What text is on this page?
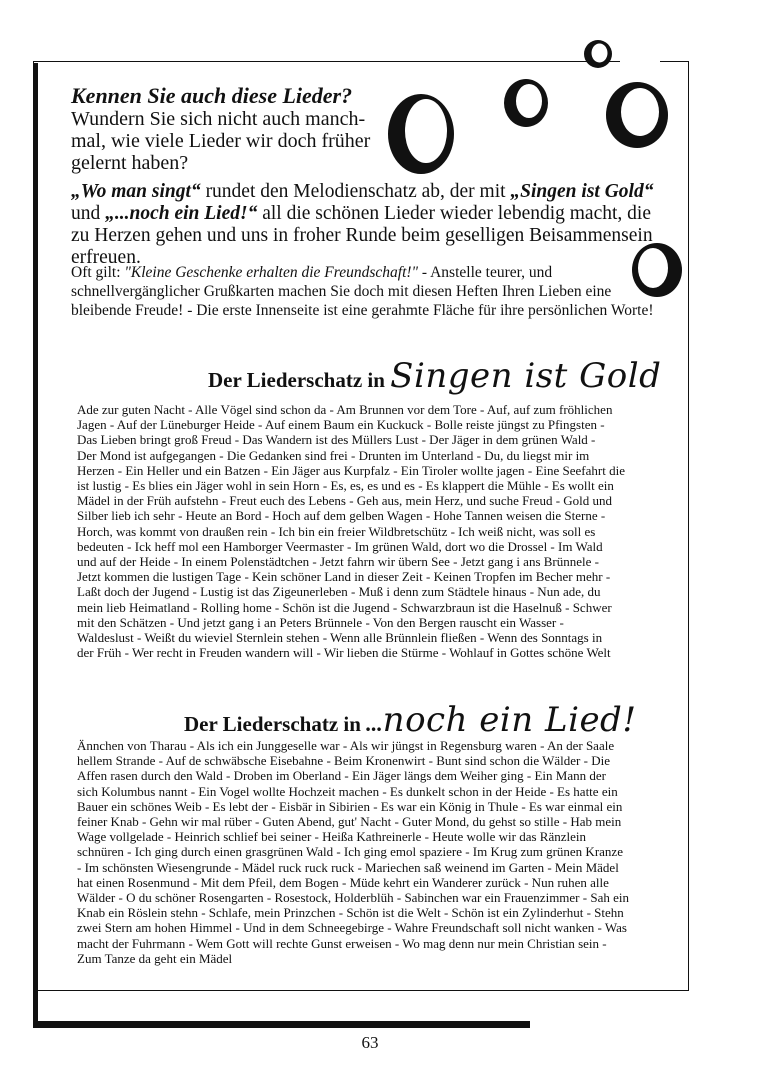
Kennen Sie auch diese Lieder?

Wundern Sie sich nicht auch manch-
mal, wie viele Lieder wir doch früher
gelernt haben?

„Wo man singt“ rundet den Melodienschatz ab, der mit „Singen ist Gold“
und „...noch ein Lied!“ all die schönen Lieder wieder lebendig macht, die
zu Herzen gehen und uns in froher Runde beim geselligen Beisammensein
erfreuen.
Oft gilt: "Kleine Geschenke erhalten die Freundschaft!" - Anstelle teurer, und
schnellvergänglicher Grußkarten machen Sie doch mit diesen Heften Ihren Lieben eine
bleibende Freude! - Die erste Innenseite ist eine gerahmte Fläche für ihre persönlichen Worte!
Der Liederschatz in Singen ist Gold
Ade zur guten Nacht - Alle Vögel sind schon da - Am Brunnen vor dem Tore - Auf, auf zum fröhlichen
Jagen - Auf der Lüneburger Heide - Auf einem Baum ein Kuckuck - Bolle reiste jüngst zu Pfingsten -
Das Lieben bringt groß Freud - Das Wandern ist des Müllers Lust - Der Jäger in dem grünen Wald -
Der Mond ist aufgegangen - Die Gedanken sind frei - Drunten im Unterland - Du, du liegst mir im
Herzen - Ein Heller und ein Batzen - Ein Jäger aus Kurpfalz - Ein Tiroler wollte jagen - Eine Seefahrt die
ist lustig - Es blies ein Jäger wohl in sein Horn - Es, es, es und es - Es klappert die Mühle - Es wollt ein
Mädel in der Früh aufstehn - Freut euch des Lebens - Geh aus, mein Herz, und suche Freud - Gold und
Silber lieb ich sehr - Heute an Bord - Hoch auf dem gelben Wagen - Hohe Tannen weisen die Sterne -
Horch, was kommt von draußen rein - Ich bin ein freier Wildbretschütz - Ich weiß nicht, was soll es
bedeuten - Ick heff mol een Hamborger Veermaster - Im grünen Wald, dort wo die Drossel - Im Wald
und auf der Heide - In einem Polenstädtchen - Jetzt fahrn wir übern See - Jetzt gang i ans Brünnele -
Jetzt kommen die lustigen Tage - Kein schöner Land in dieser Zeit - Keinen Tropfen im Becher mehr -
Laßt doch der Jugend - Lustig ist das Zigeunerleben - Muß i denn zum Städtele hinaus - Nun ade, du
mein lieb Heimatland - Rolling home - Schön ist die Jugend - Schwarzbraun ist die Haselnuß - Schwer
mit den Schätzen - Und jetzt gang i an Peters Brünnele - Von den Bergen rauscht ein Wasser -
Waldeslust - Weißt du wieviel Sternlein stehen - Wenn alle Brünnlein fließen - Wenn des Sonntags in
der Früh - Wer recht in Freuden wandern will - Wir lieben die Stürme - Wohlauf in Gottes schöne Welt
Der Liederschatz in ...noch ein Lied!
Ännchen von Tharau - Als ich ein Junggeselle war - Als wir jüngst in Regensburg waren - An der Saale
hellem Strande - Auf de schwäbsche Eisebahne - Beim Kronenwirt - Bunt sind schon die Wälder - Die
Affen rasen durch den Wald - Droben im Oberland - Ein Jäger längs dem Weiher ging - Ein Mann der
sich Kolumbus nannt - Ein Vogel wollte Hochzeit machen - Es dunkelt schon in der Heide - Es hatte ein
Bauer ein schönes Weib - Es lebt der - Eisbär in Sibirien - Es war ein König in Thule - Es war einmal ein
feiner Knab - Gehn wir mal rüber - Guten Abend, gut' Nacht - Guter Mond, du gehst so stille - Hab mein
Wage vollgelade - Heinrich schlief bei seiner - Heißa Kathreinerle - Heute wolle wir das Ränzlein
schnüren - Ich ging durch einen grasgrünen Wald - Ich ging emol spaziere - Im Krug zum grünen Kranze
- Im schönsten Wiesengrunde - Mädel ruck ruck ruck - Mariechen saß weinend im Garten - Mein Mädel
hat einen Rosenmund - Mit dem Pfeil, dem Bogen - Müde kehrt ein Wanderer zurück - Nun ruhen alle
Wälder - O du schöner Rosengarten - Rosestock, Holderblüh - Sabinchen war ein Frauenzimmer - Sah ein
Knab ein Röslein stehn - Schlafe, mein Prinzchen - Schön ist die Welt - Schön ist ein Zylinderhut - Stehn
zwei Stern am hohen Himmel - Und in dem Schneegebirge - Wahre Freundschaft soll nicht wanken - Was
macht der Fuhrmann - Wem Gott will rechte Gunst erweisen - Wo mag denn nur mein Christian sein -
Zum Tanze da geht ein Mädel
63
